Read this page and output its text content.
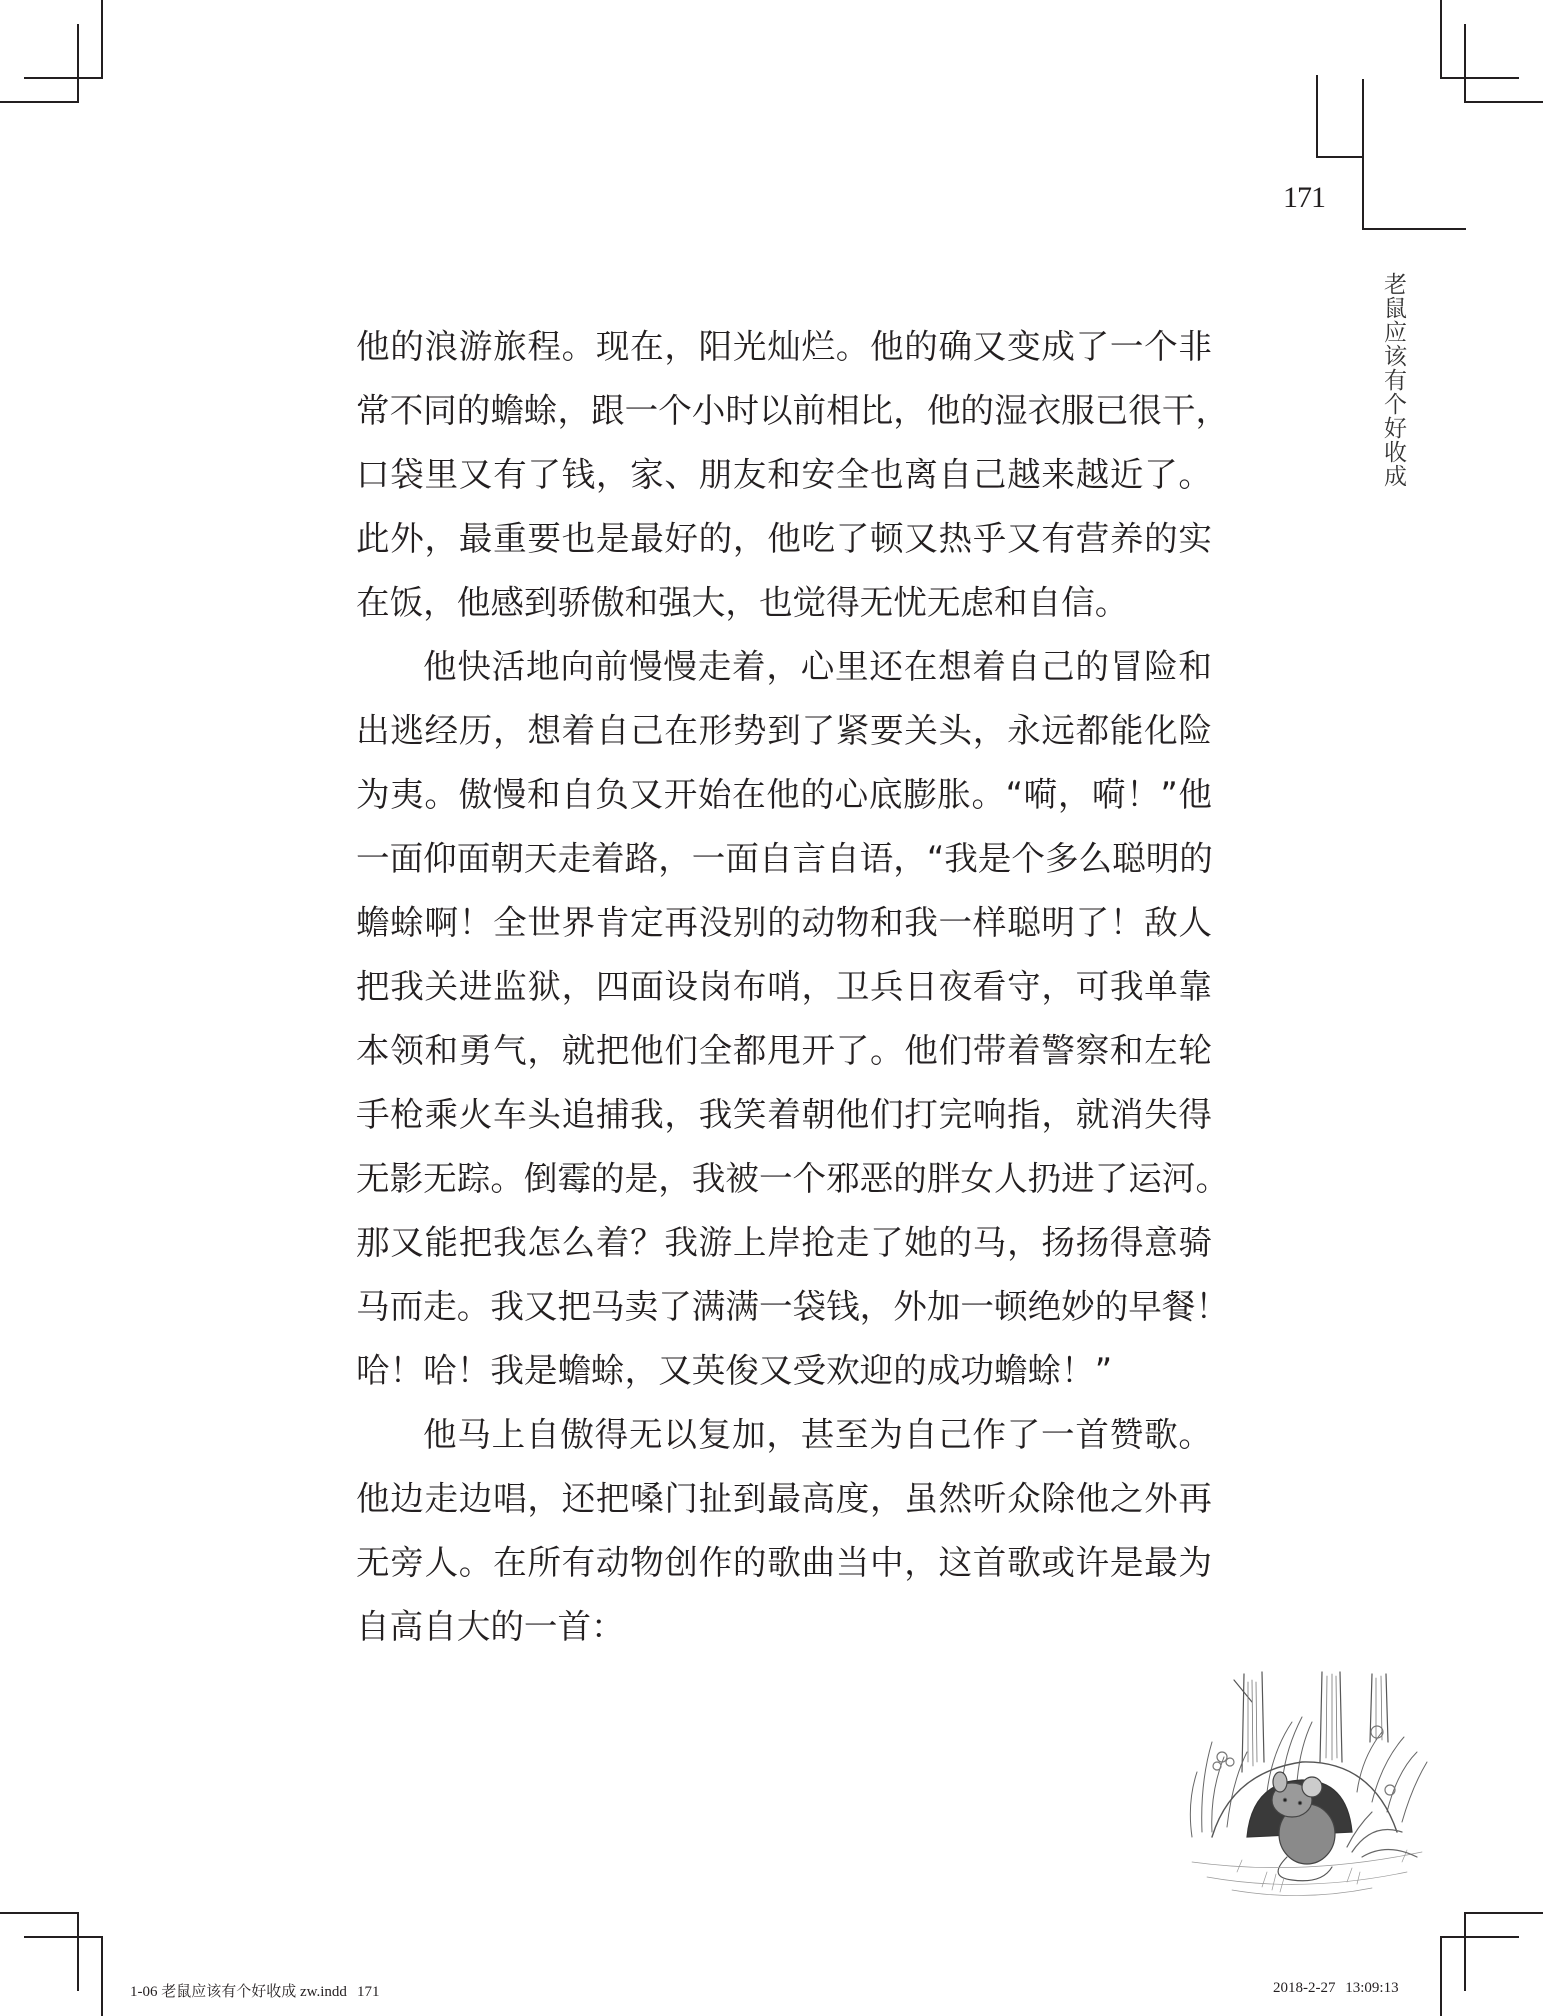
171
老鼠应该有个好收成

他的浪游旅程。现在，阳光灿烂。他的确又变成了一个非
常不同的蟾蜍，跟一个小时以前相比，他的湿衣服已很干，
口袋里又有了钱，家、朋友和安全也离自己越来越近了。
此外，最重要也是最好的，他吃了顿又热乎又有营养的实
在饭，他感到骄傲和强大，也觉得无忧无虑和自信。

他快活地向前慢慢走着，心里还在想着自己的冒险和
出逃经历，想着自己在形势到了紧要关头，永远都能化险
为夷。傲慢和自负又开始在他的心底膨胀。“嗬，嗬！”他
一面仰面朝天走着路，一面自言自语，“我是个多么聪明的
蟾蜍啊！全世界肯定再没别的动物和我一样聪明了！敌人
把我关进监狱，四面设岗布哨，卫兵日夜看守，可我单靠
本领和勇气，就把他们全都甩开了。他们带着警察和左轮
手枪乘火车头追捕我，我笑着朝他们打完响指，就消失得
无影无踪。倒霉的是，我被一个邪恶的胖女人扔进了运河。
那又能把我怎么着？我游上岸抢走了她的马，扬扬得意骑
马而走。我又把马卖了满满一袋钱，外加一顿绝妙的早餐！
哈！哈！我是蟾蜍，又英俊又受欢迎的成功蟾蜍！”

他马上自傲得无以复加，甚至为自己作了一首赞歌。
他边走边唱，还把嗓门扯到最高度，虽然听众除他之外再
无旁人。在所有动物创作的歌曲当中，这首歌或许是最为
自高自大的一首：

1-06 老鼠应该有个好收成 zw.indd 171	2018-2-27 13:09:13
